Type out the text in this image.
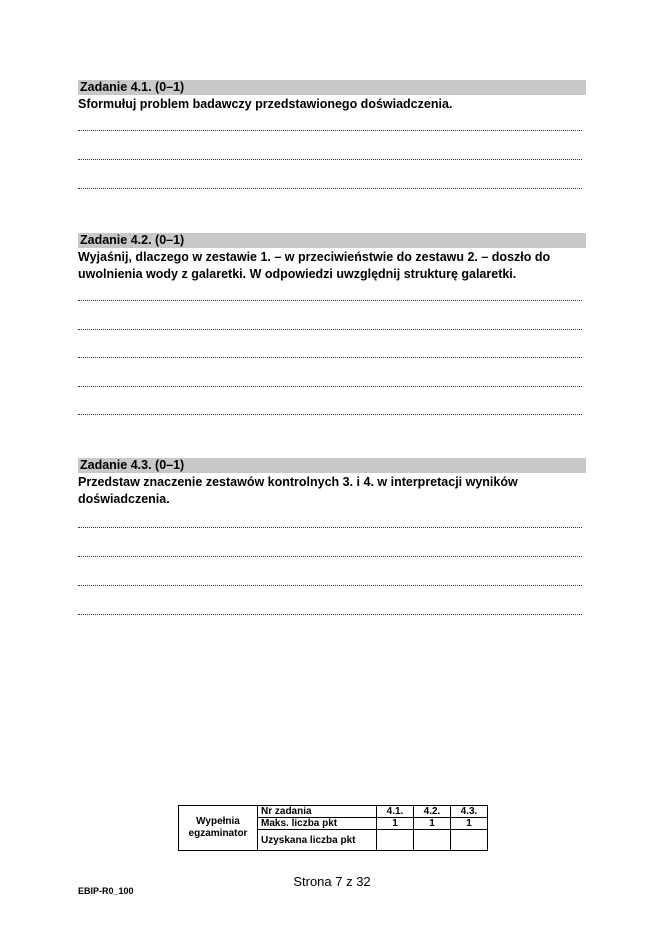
Zadanie 4.1. (0–1)
Sformułuj problem badawczy przedstawionego doświadczenia.
Zadanie 4.2. (0–1)
Wyjaśnij, dlaczego w zestawie 1. – w przeciwieństwie do zestawu 2. – doszło do uwolnienia wody z galaretki. W odpowiedzi uwzględnij strukturę galaretki.
Zadanie 4.3. (0–1)
Przedstaw znaczenie zestawów kontrolnych 3. i 4. w interpretacji wyników doświadczenia.
Wypełnia egzaminator	Nr zadania	4.1.	4.2.	4.3.
	Maks. liczba pkt	1	1	1
	Uzyskana liczba pkt			
Strona 7 z 32
EBIP-R0_100
